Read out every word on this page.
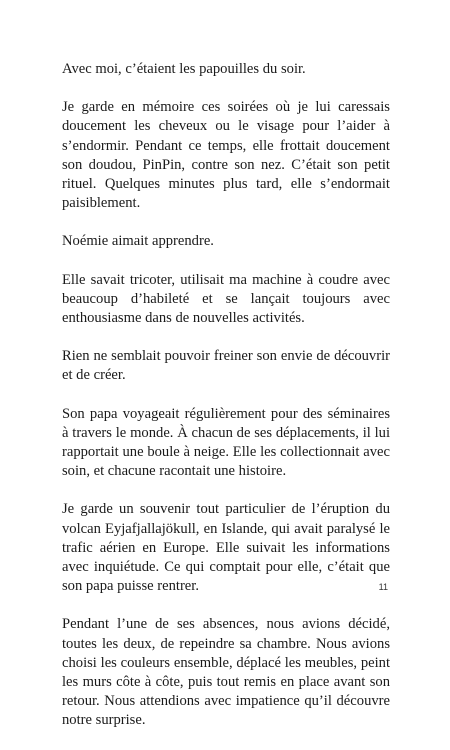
Avec moi, c’étaient les papouilles du soir.

Je garde en mémoire ces soirées où je lui caressais doucement les cheveux ou le visage pour l’aider à s’endormir. Pendant ce temps, elle frottait doucement son doudou, PinPin, contre son nez. C’était son petit rituel. Quelques minutes plus tard, elle s’endormait paisiblement.

Noémie aimait apprendre.

Elle savait tricoter, utilisait ma machine à coudre avec beaucoup d’habileté et se lançait toujours avec enthousiasme dans de nouvelles activités.

Rien ne semblait pouvoir freiner son envie de découvrir et de créer.

Son papa voyageait régulièrement pour des séminaires à travers le monde. À chacun de ses déplacements, il lui rapportait une boule à neige. Elle les collectionnait avec soin, et chacune racontait une histoire.

Je garde un souvenir tout particulier de l’éruption du volcan Eyjafjallajökull, en Islande, qui avait paralysé le trafic aérien en Europe. Elle suivait les informations avec inquiétude. Ce qui comptait pour elle, c’était que son papa puisse rentrer.

Pendant l’une de ses absences, nous avions décidé, toutes les deux, de repeindre sa chambre. Nous avions choisi les couleurs ensemble, déplacé les meubles, peint les murs côte à côte, puis tout remis en place avant son retour. Nous attendions avec impatience qu’il découvre notre surprise.

11
